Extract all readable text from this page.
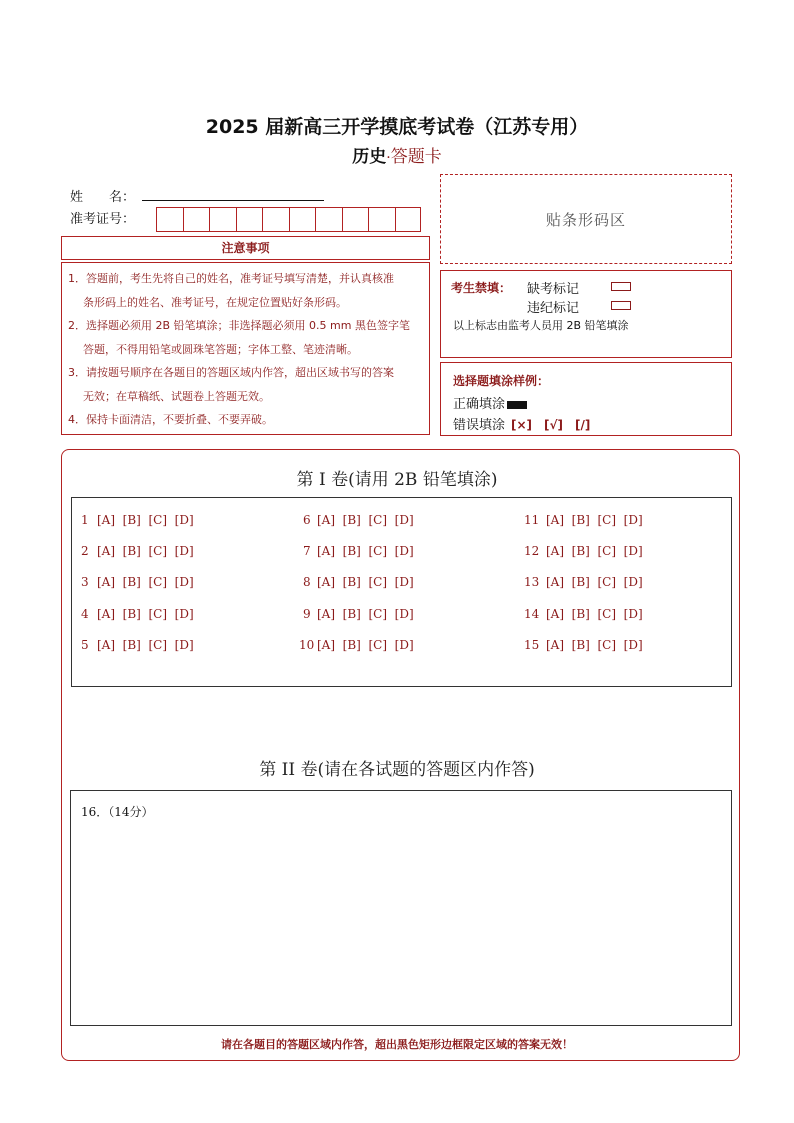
2025 届新高三开学摸底考试卷（江苏专用）
历史·答题卡
姓　　名：
准考证号：	贴条形码区
注意事项

1．答题前，考生先将自己的姓名，准考证号填写清楚，并认真核准

条形码上的姓名、准考证号，在规定位置贴好条形码。

2．选择题必须用 2B 铅笔填涂；非选择题必须用 0.5 mm 黑色签字笔

答题，不得用铅笔或圆珠笔答题；字体工整、笔迹清晰。

3．请按题号顺序在各题目的答题区域内作答，超出区域书写的答案

无效；在草稿纸、试题卷上答题无效。

4．保持卡面清洁，不要折叠、不要弄破。

考生禁填： 缺考标记
违纪标记
以上标志由监考人员用 2B 铅笔填涂
选择题填涂样例：
正确填涂
错误填涂 [×]　[√]　[/]
第 I 卷(请用 2B 铅笔填涂)
1 [A]  [B]  [C]  [D]
2 [A]  [B]  [C]  [D]
3 [A]  [B]  [C]  [D]
4 [A]  [B]  [C]  [D]
5 [A]  [B]  [C]  [D]
6 [A]  [B]  [C]  [D]
7 [A]  [B]  [C]  [D]
8 [A]  [B]  [C]  [D]
9 [A]  [B]  [C]  [D]
10 [A]  [B]  [C]  [D]
11 [A]  [B]  [C]  [D]
12 [A]  [B]  [C]  [D]
13 [A]  [B]  [C]  [D]
14 [A]  [B]  [C]  [D]
15 [A]  [B]  [C]  [D]
第 II 卷(请在各试题的答题区内作答)
16．（14分）
请在各题目的答题区域内作答，超出黑色矩形边框限定区域的答案无效！
